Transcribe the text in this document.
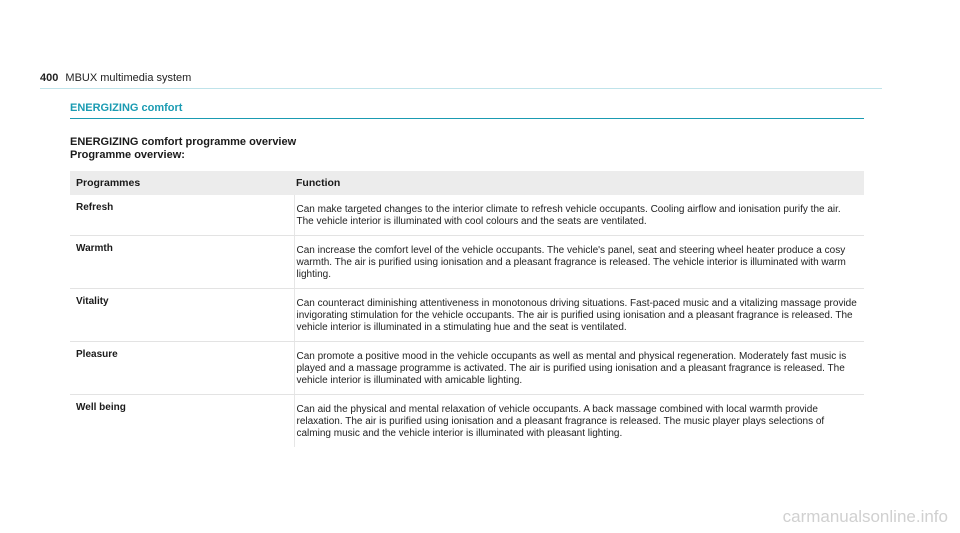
400 MBUX multimedia system
ENERGIZING comfort
ENERGIZING comfort programme overview
Programme overview:
Programmes	Function
Refresh	Can make targeted changes to the interior climate to refresh vehicle occupants. Cooling airflow and ionisation purify the air. The vehicle interior is illuminated with cool colours and the seats are ventilated.
Warmth	Can increase the comfort level of the vehicle occupants. The vehicle's panel, seat and steering wheel heater produce a cosy warmth. The air is purified using ionisation and a pleasant fragrance is released. The vehicle interior is illuminated with warm lighting.
Vitality	Can counteract diminishing attentiveness in monotonous driving situations. Fast-paced music and a vitalizing massage provide invigorating stimulation for the vehicle occupants. The air is purified using ionisation and a pleasant fragrance is released. The vehicle interior is illuminated in a stimulating hue and the seat is ventilated.
Pleasure	Can promote a positive mood in the vehicle occupants as well as mental and physical regeneration. Moderately fast music is played and a massage programme is activated. The air is purified using ionisation and a pleasant fragrance is released. The vehicle interior is illuminated with amicable lighting.
Well being	Can aid the physical and mental relaxation of vehicle occupants. A back massage combined with local warmth provide relaxation. The air is purified using ionisation and a pleasant fragrance is released. The music player plays selections of calming music and the vehicle interior is illuminated with pleasant lighting.
carmanualsonline.info
